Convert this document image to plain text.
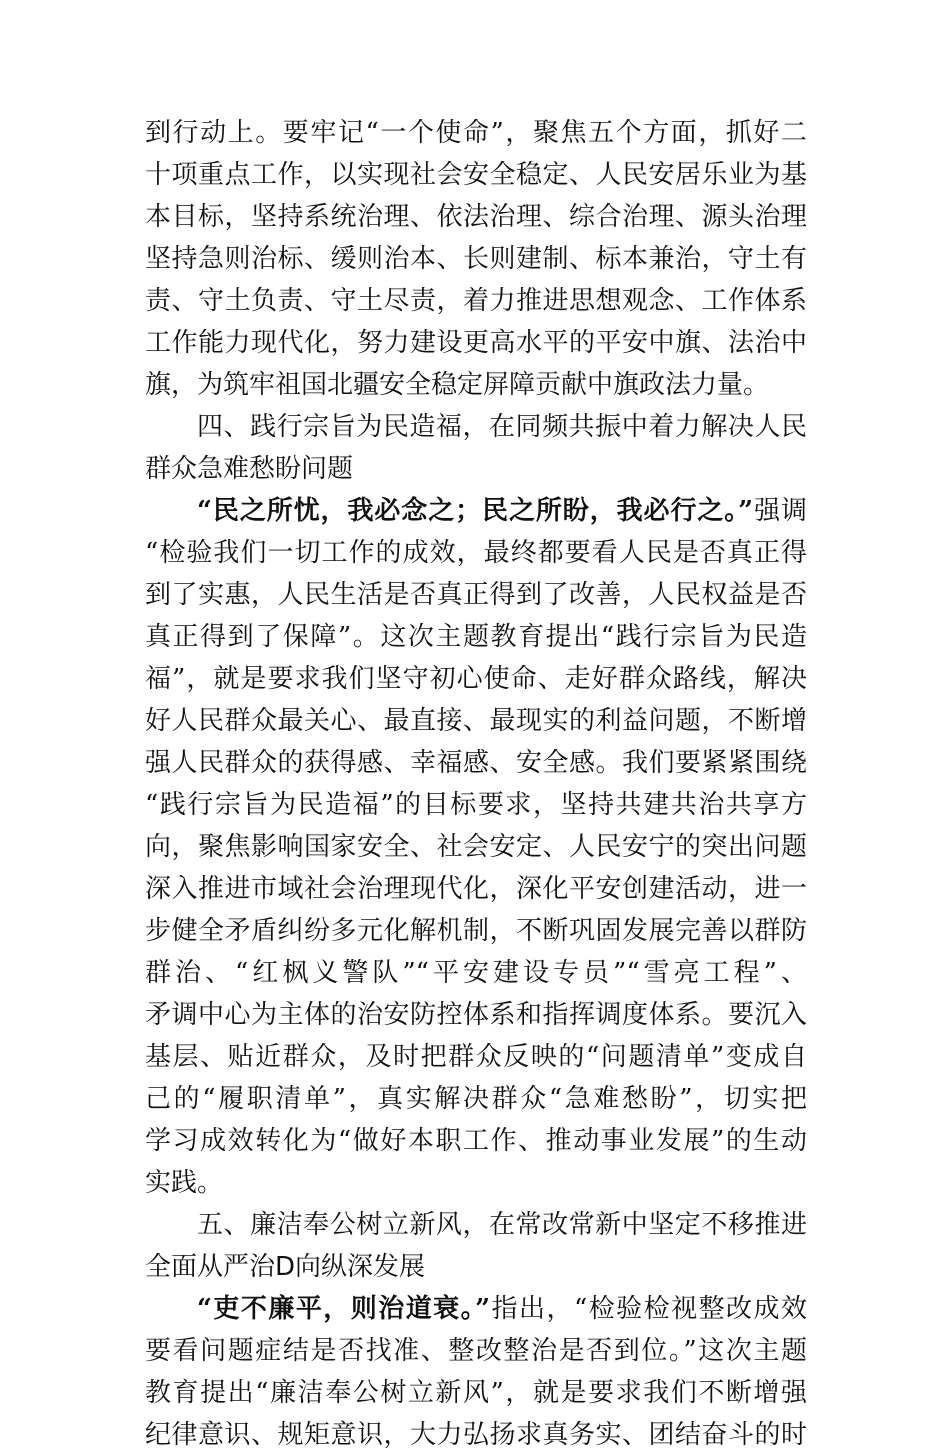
到行动上。要牢记“一个使命”，聚焦五个方面，抓好二
十项重点工作，以实现社会安全稳定、人民安居乐业为基
本目标，坚持系统治理、依法治理、综合治理、源头治理
坚持急则治标、缓则治本、长则建制、标本兼治，守土有
责、守土负责、守土尽责，着力推进思想观念、工作体系
工作能力现代化，努力建设更高水平的平安中旗、法治中
旗，为筑牢祖国北疆安全稳定屏障贡献中旗政法力量。
四、践行宗旨为民造福，在同频共振中着力解决人民
群众急难愁盼问题
“民之所忧，我必念之；民之所盼，我必行之。”强调
“检验我们一切工作的成效，最终都要看人民是否真正得
到了实惠，人民生活是否真正得到了改善，人民权益是否
真正得到了保障”。这次主题教育提出“践行宗旨为民造
福”，就是要求我们坚守初心使命、走好群众路线，解决
好人民群众最关心、最直接、最现实的利益问题，不断增
强人民群众的获得感、幸福感、安全感。我们要紧紧围绕
“践行宗旨为民造福”的目标要求，坚持共建共治共享方
向，聚焦影响国家安全、社会安定、人民安宁的突出问题
深入推进市域社会治理现代化，深化平安创建活动，进一
步健全矛盾纠纷多元化解机制，不断巩固发展完善以群防
群治、“红枫义警队”“平安建设专员”“雪亮工程”、
矛调中心为主体的治安防控体系和指挥调度体系。要沉入
基层、贴近群众，及时把群众反映的“问题清单”变成自
己的“履职清单”，真实解决群众“急难愁盼”，切实把
学习成效转化为“做好本职工作、推动事业发展”的生动
实践。
五、廉洁奉公树立新风，在常改常新中坚定不移推进
全面从严治D向纵深发展
“吏不廉平，则治道衰。”指出，“检验检视整改成效
要看问题症结是否找准、整改整治是否到位。”这次主题
教育提出“廉洁奉公树立新风”，就是要求我们不断增强
纪律意识、规矩意识，大力弘扬求真务实、团结奋斗的时
